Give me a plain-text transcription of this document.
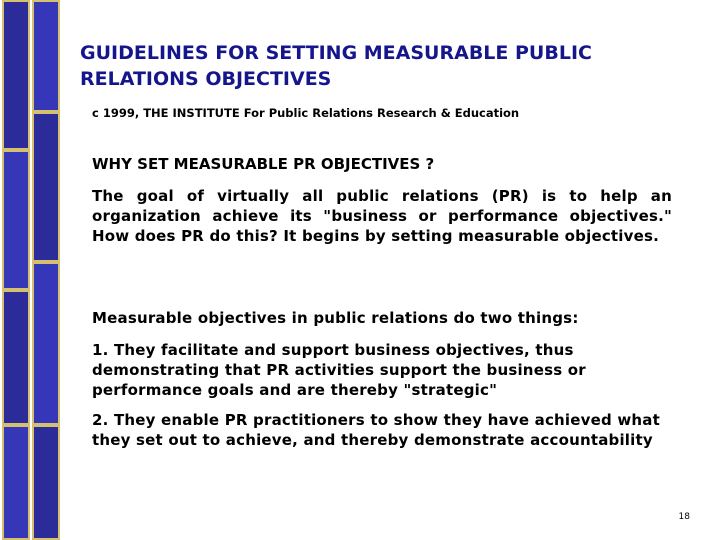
GUIDELINES FOR SETTING MEASURABLE PUBLIC RELATIONS OBJECTIVES
c 1999, THE INSTITUTE For Public Relations Research & Education
WHY SET MEASURABLE PR OBJECTIVES ?
The goal of virtually all public relations (PR) is to help an organization achieve its "business or performance objectives." How does PR do this? It begins by setting measurable objectives.
Measurable objectives in public relations do two things:
1. They facilitate and support business objectives, thus demonstrating that PR activities support the business or performance goals and are thereby "strategic"
2. They enable PR practitioners to show they have achieved what they set out to achieve, and thereby demonstrate accountability
18
